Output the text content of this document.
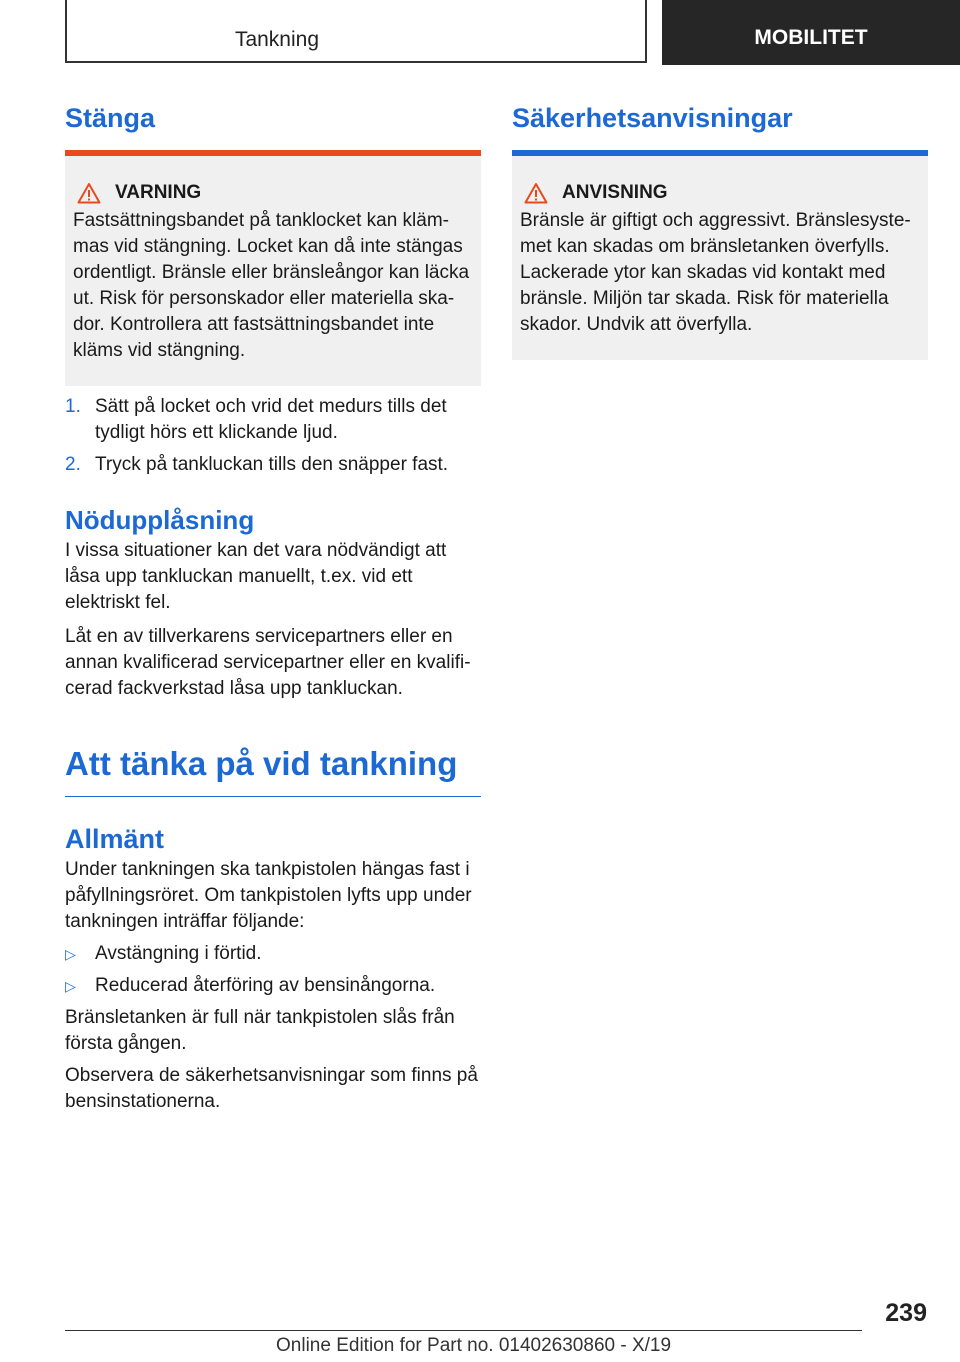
Tankning	MOBILITET
Stänga
VARNING

Fastsättningsbandet på tanklocket kan kläm-mas vid stängning. Locket kan då inte stängas ordentligt. Bränsle eller bränsleångor kan läcka ut. Risk för personskador eller materiella ska-dor. Kontrollera att fastsättningsbandet inte kläms vid stängning.

1. Sätt på locket och vrid det medurs tills det tydligt hörs ett klickande ljud.
2. Tryck på tankluckan tills den snäpper fast.
Nödupplåsning

I vissa situationer kan det vara nödvändigt att låsa upp tankluckan manuellt, t.ex. vid ett elektriskt fel.

Låt en av tillverkarens servicepartners eller en annan kvalificerad servicepartner eller en kvalifi-cerad fackverkstad låsa upp tankluckan.

Att tänka på vid tankning
Allmänt

Under tankningen ska tankpistolen hängas fast i påfyllningsröret. Om tankpistolen lyfts upp under tankningen inträffar följande:

▷	Avstängning i förtid.
▷	Reducerad återföring av bensinångorna.

Bränsletanken är full när tankpistolen slås från första gången.

Observera de säkerhetsanvisningar som finns på bensinstationerna.

Säkerhetsanvisningar
ANVISNING

Bränsle är giftigt och aggressivt. Bränslesyste-met kan skadas om bränsletanken överfylls. Lackerade ytor kan skadas vid kontakt med bränsle. Miljön tar skada. Risk för materiella skador. Undvik att överfylla.

239
Online Edition for Part no. 01402630860 - X/19
